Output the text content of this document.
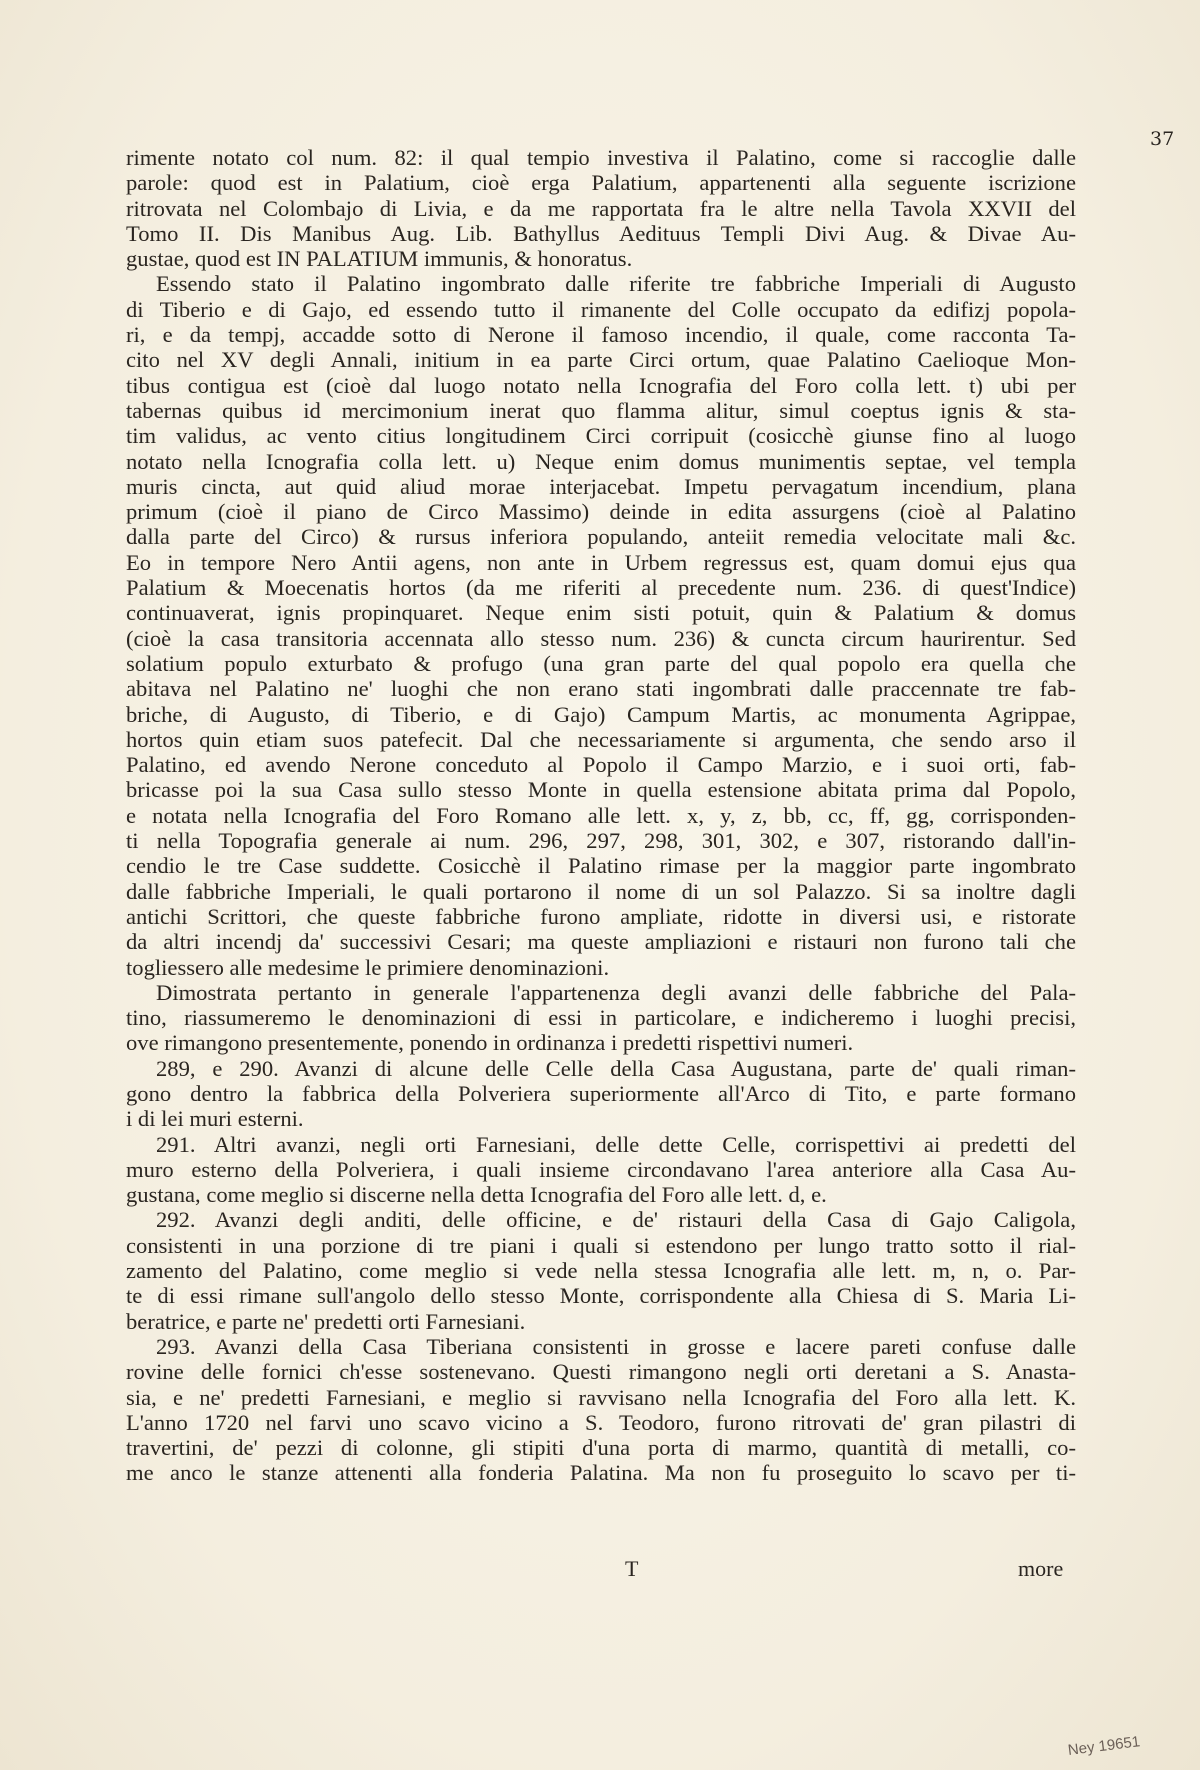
37
rimente notato col num. 82: il qual tempio investiva il Palatino, come si raccoglie dalle
parole: quod est in Palatium, cioè erga Palatium, appartenenti alla seguente iscrizione
ritrovata nel Colombajo di Livia, e da me rapportata fra le altre nella Tavola XXVII del
Tomo II. Dis Manibus Aug. Lib. Bathyllus Aedituus Templi Divi Aug. & Divae Au-
gustae, quod est IN PALATIUM immunis, & honoratus.
Essendo stato il Palatino ingombrato dalle riferite tre fabbriche Imperiali di Augusto
di Tiberio e di Gajo, ed essendo tutto il rimanente del Colle occupato da edifizj popola-
ri, e da tempj, accadde sotto di Nerone il famoso incendio, il quale, come racconta Ta-
cito nel XV degli Annali, initium in ea parte Circi ortum, quae Palatino Caelioque Mon-
tibus contigua est (cioè dal luogo notato nella Icnografia del Foro colla lett. t) ubi per
tabernas quibus id mercimonium inerat quo flamma alitur, simul coeptus ignis & sta-
tim validus, ac vento citius longitudinem Circi corripuit (cosicchè giunse fino al luogo
notato nella Icnografia colla lett. u) Neque enim domus munimentis septae, vel templa
muris cincta, aut quid aliud morae interjacebat. Impetu pervagatum incendium, plana
primum (cioè il piano de Circo Massimo) deinde in edita assurgens (cioè al Palatino
dalla parte del Circo) & rursus inferiora populando, anteiit remedia velocitate mali &c.
Eo in tempore Nero Antii agens, non ante in Urbem regressus est, quam domui ejus qua
Palatium & Moecenatis hortos (da me riferiti al precedente num. 236. di quest'Indice)
continuaverat, ignis propinquaret. Neque enim sisti potuit, quin & Palatium & domus
(cioè la casa transitoria accennata allo stesso num. 236) & cuncta circum haurirentur. Sed
solatium populo exturbato & profugo (una gran parte del qual popolo era quella che
abitava nel Palatino ne' luoghi che non erano stati ingombrati dalle praccennate tre fab-
briche, di Augusto, di Tiberio, e di Gajo) Campum Martis, ac monumenta Agrippae,
hortos quin etiam suos patefecit. Dal che necessariamente si argumenta, che sendo arso il
Palatino, ed avendo Nerone conceduto al Popolo il Campo Marzio, e i suoi orti, fab-
bricasse poi la sua Casa sullo stesso Monte in quella estensione abitata prima dal Popolo,
e notata nella Icnografia del Foro Romano alle lett. x, y, z, bb, cc, ff, gg, corrisponden-
ti nella Topografia generale ai num. 296, 297, 298, 301, 302, e 307, ristorando dall'in-
cendio le tre Case suddette. Cosicchè il Palatino rimase per la maggior parte ingombrato
dalle fabbriche Imperiali, le quali portarono il nome di un sol Palazzo. Si sa inoltre dagli
antichi Scrittori, che queste fabbriche furono ampliate, ridotte in diversi usi, e ristorate
da altri incendj da' successivi Cesari; ma queste ampliazioni e ristauri non furono tali che
togliessero alle medesime le primiere denominazioni.
Dimostrata pertanto in generale l'appartenenza degli avanzi delle fabbriche del Pala-
tino, riassumeremo le denominazioni di essi in particolare, e indicheremo i luoghi precisi,
ove rimangono presentemente, ponendo in ordinanza i predetti rispettivi numeri.
289, e 290. Avanzi di alcune delle Celle della Casa Augustana, parte de' quali riman-
gono dentro la fabbrica della Polveriera superiormente all'Arco di Tito, e parte formano
i di lei muri esterni.
291. Altri avanzi, negli orti Farnesiani, delle dette Celle, corrispettivi ai predetti del
muro esterno della Polveriera, i quali insieme circondavano l'area anteriore alla Casa Au-
gustana, come meglio si discerne nella detta Icnografia del Foro alle lett. d, e.
292. Avanzi degli anditi, delle officine, e de' ristauri della Casa di Gajo Caligola,
consistenti in una porzione di tre piani i quali si estendono per lungo tratto sotto il rial-
zamento del Palatino, come meglio si vede nella stessa Icnografia alle lett. m, n, o. Par-
te di essi rimane sull'angolo dello stesso Monte, corrispondente alla Chiesa di S. Maria Li-
beratrice, e parte ne' predetti orti Farnesiani.
293. Avanzi della Casa Tiberiana consistenti in grosse e lacere pareti confuse dalle
rovine delle fornici ch'esse sostenevano. Questi rimangono negli orti deretani a S. Anasta-
sia, e ne' predetti Farnesiani, e meglio si ravvisano nella Icnografia del Foro alla lett. K.
L'anno 1720 nel farvi uno scavo vicino a S. Teodoro, furono ritrovati de' gran pilastri di
travertini, de' pezzi di colonne, gli stipiti d'una porta di marmo, quantità di metalli, co-
me anco le stanze attenenti alla fonderia Palatina. Ma non fu proseguito lo scavo per ti-
T	more
Ney 19651
